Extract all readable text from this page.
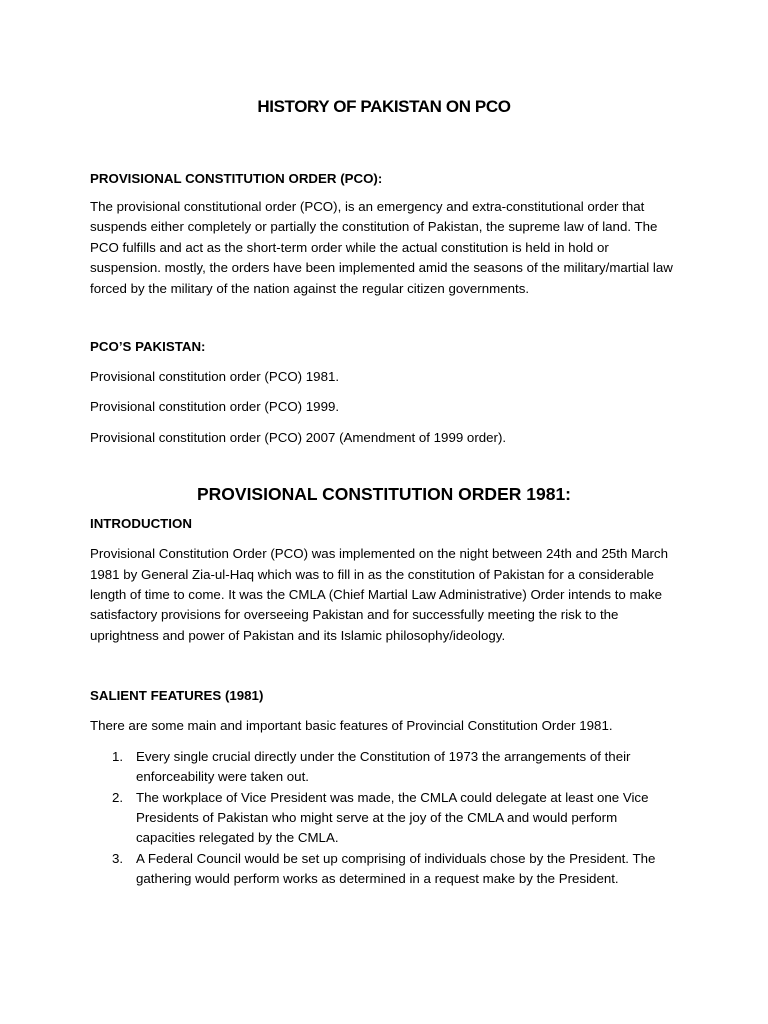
HISTORY OF PAKISTAN ON PCO
PROVISIONAL CONSTITUTION ORDER (PCO):

The provisional constitutional order (PCO), is an emergency and extra-constitutional order that suspends either completely or partially the constitution of Pakistan, the supreme law of land. The PCO fulfills and act as the short-term order while the actual constitution is held in hold or suspension. mostly, the orders have been implemented amid the seasons of the military/martial law forced by the military of the nation against the regular citizen governments.

PCO’S PAKISTAN:

Provisional constitution order (PCO) 1981.

Provisional constitution order (PCO) 1999.

Provisional constitution order (PCO) 2007 (Amendment of 1999 order).

PROVISIONAL CONSTITUTION ORDER 1981:
INTRODUCTION

Provisional Constitution Order (PCO) was implemented on the night between 24th and 25th March 1981 by General Zia-ul-Haq which was to fill in as the constitution of Pakistan for a considerable length of time to come. It was the CMLA (Chief Martial Law Administrative) Order intends to make satisfactory provisions for overseeing Pakistan and for successfully meeting the risk to the uprightness and power of Pakistan and its Islamic philosophy/ideology.

SALIENT FEATURES (1981)

There are some main and important basic features of Provincial Constitution Order 1981.

1. Every single crucial directly under the Constitution of 1973 the arrangements of their enforceability were taken out.
2. The workplace of Vice President was made, the CMLA could delegate at least one Vice Presidents of Pakistan who might serve at the joy of the CMLA and would perform capacities relegated by the CMLA.
3. A Federal Council would be set up comprising of individuals chose by the President. The gathering would perform works as determined in a request make by the President.
